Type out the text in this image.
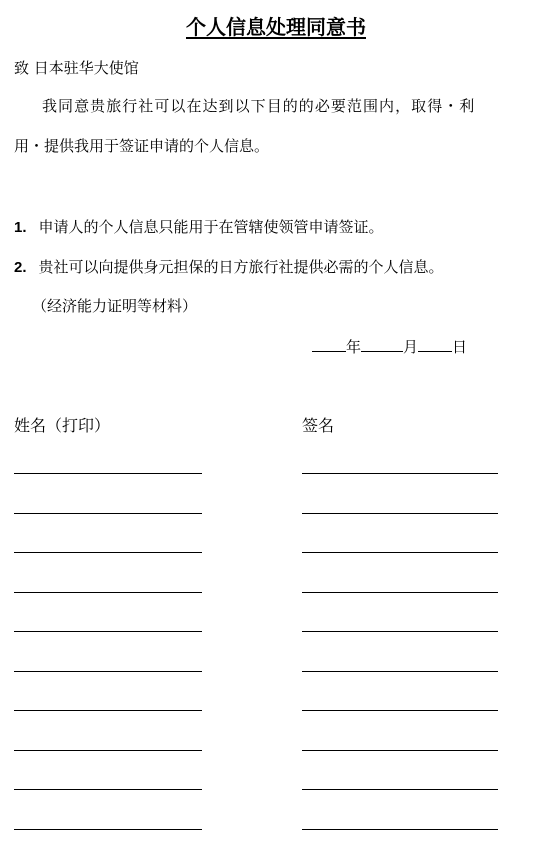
个人信息处理同意书
致 日本驻华大使馆
我同意贵旅行社可以在达到以下目的的必要范围内，取得・利
用・提供我用于签证申请的个人信息。
1. 申请人的个人信息只能用于在管辖使领管申请签证。
2. 贵社可以向提供身元担保的日方旅行社提供必需的个人信息。
（经济能力证明等材料）
年	月 日
姓名（打印）	签名
